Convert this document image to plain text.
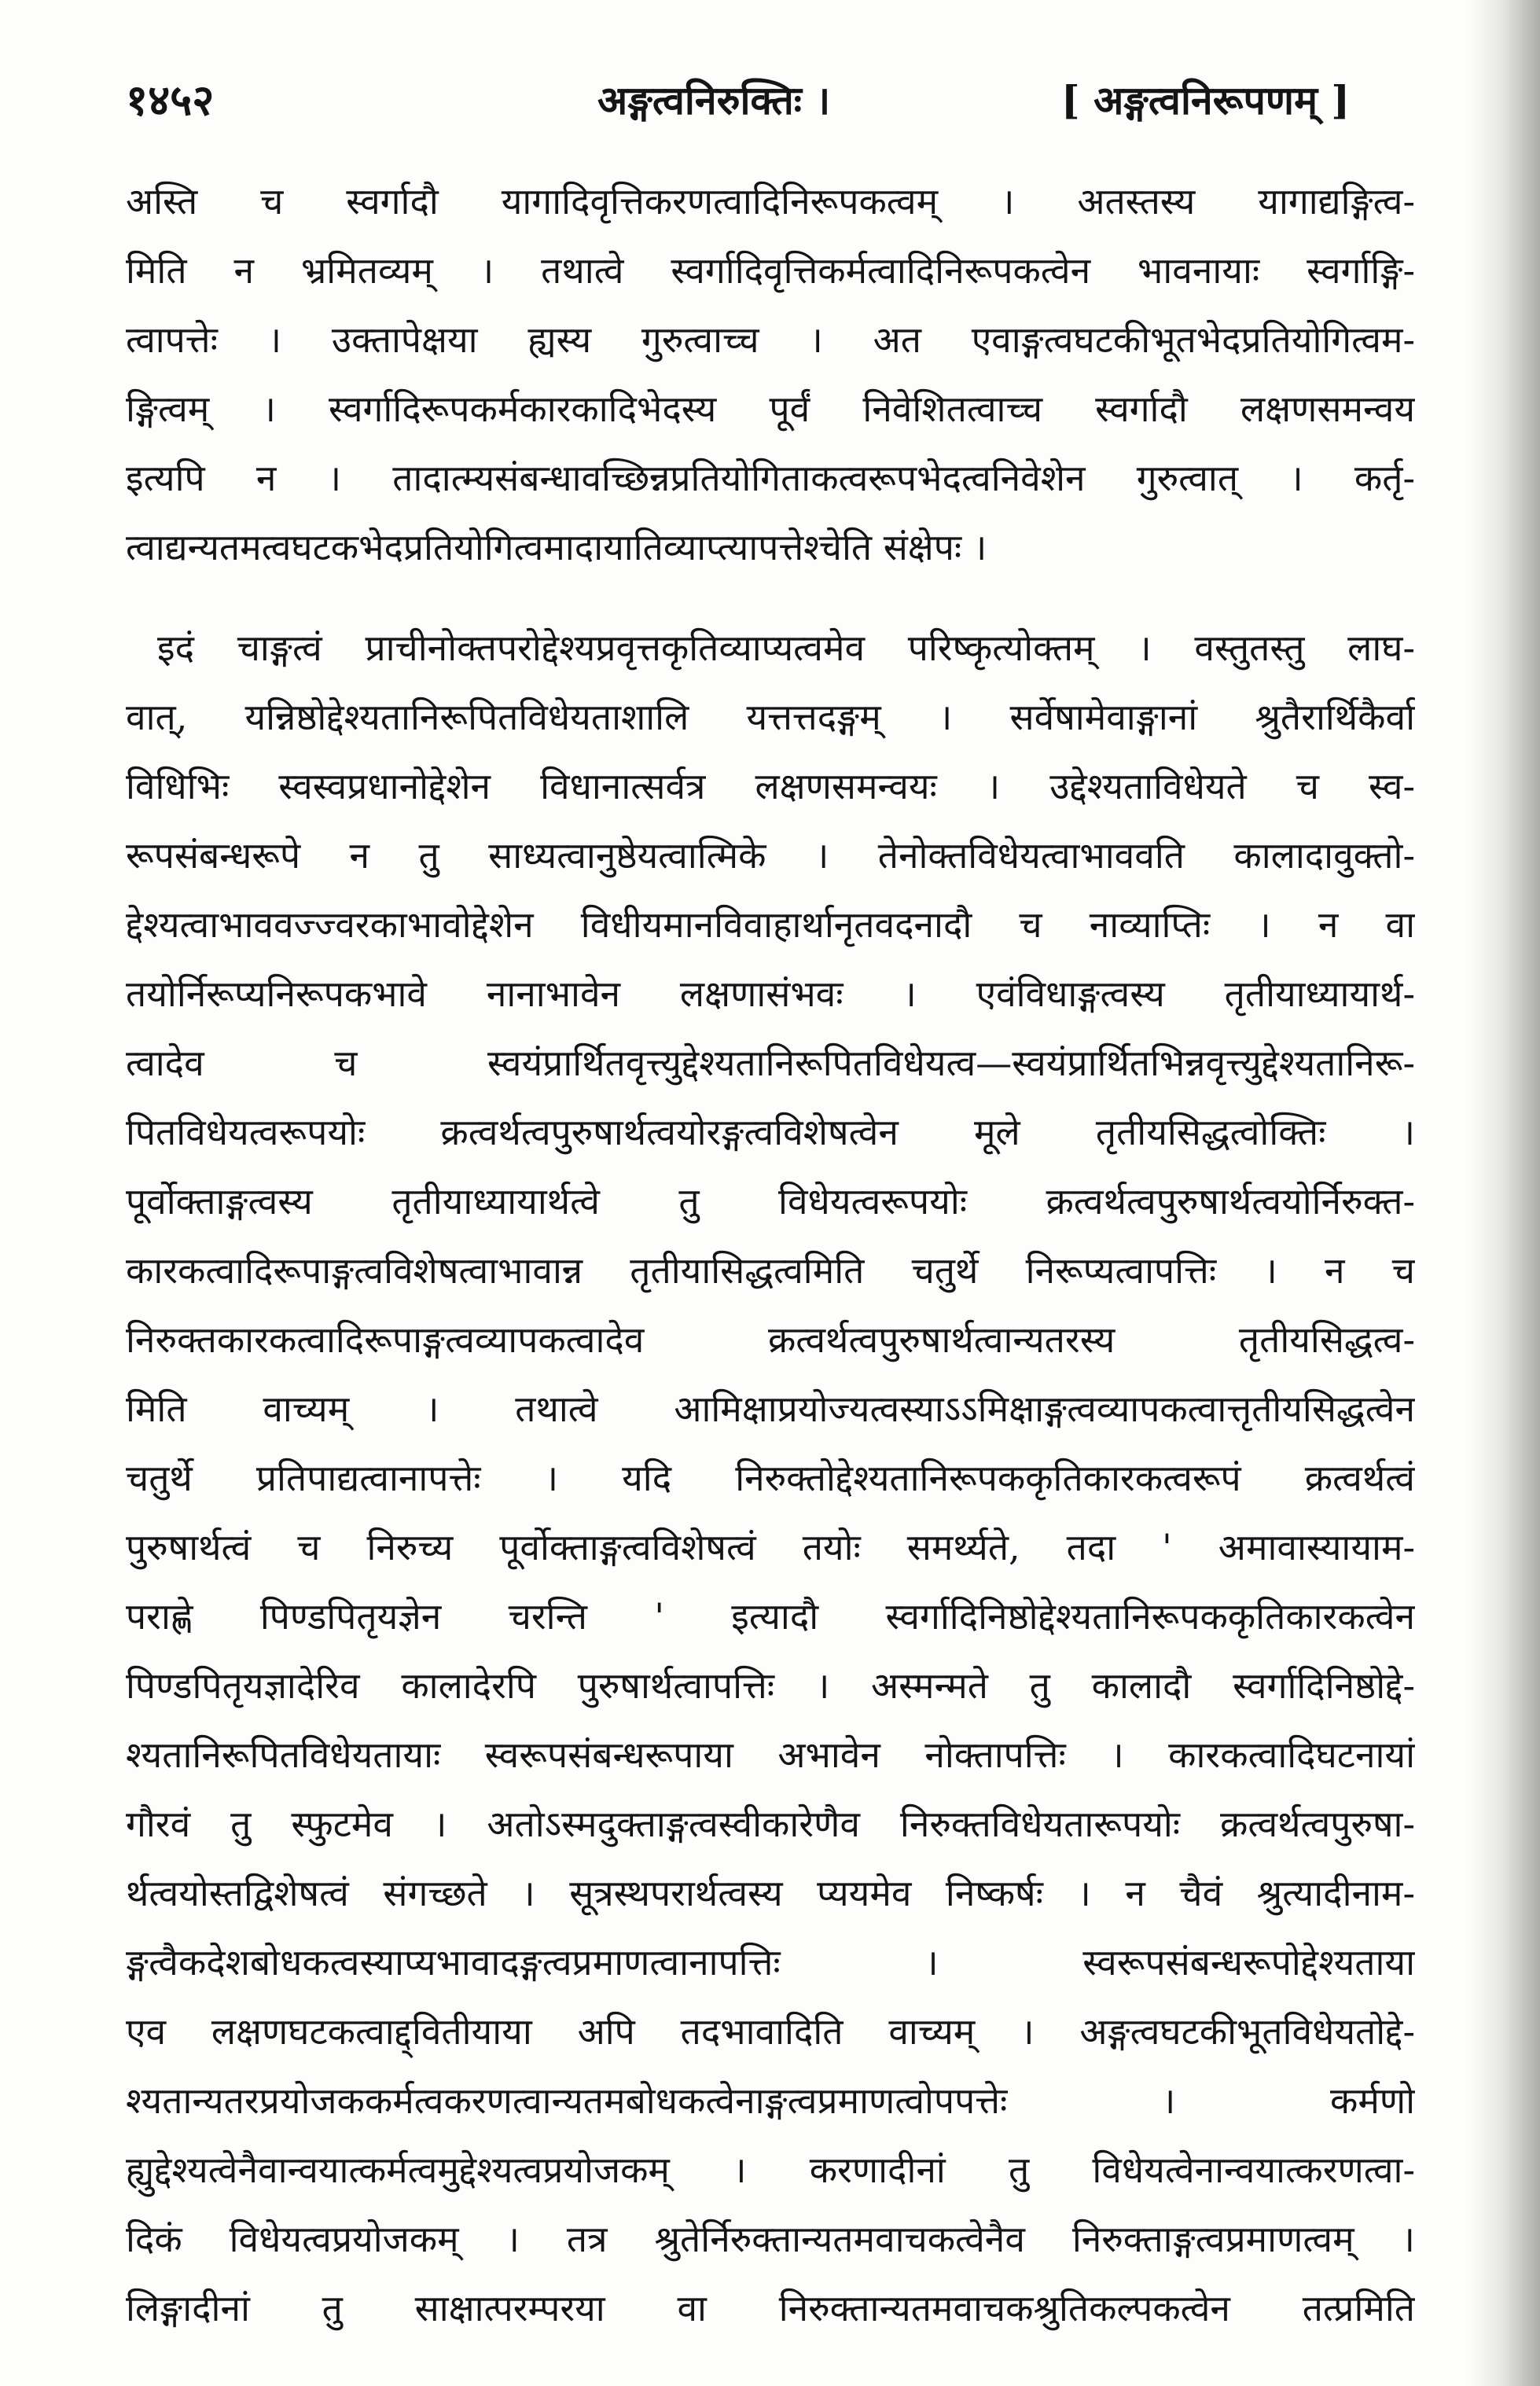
१४५२	अङ्गत्वनिरुक्तिः ।	[ अङ्गत्वनिरूपणम् ]
अस्ति च स्वर्गादौ यागादिवृत्तिकरणत्वादिनिरूपकत्वम् । अतस्तस्य यागाद्यङ्गित्व-
मिति न भ्रमितव्यम् । तथात्वे स्वर्गादिवृत्तिकर्मत्वादिनिरूपकत्वेन भावनायाः स्वर्गाङ्गि-
त्वापत्तेः । उक्तापेक्षया ह्यस्य गुरुत्वाच्च । अत एवाङ्गत्वघटकीभूतभेदप्रतियोगित्वम-
ङ्गित्वम् । स्वर्गादिरूपकर्मकारकादिभेदस्य पूर्वं निवेशितत्वाच्च स्वर्गादौ लक्षणसमन्वय
इत्यपि न । तादात्म्यसंबन्धावच्छिन्नप्रतियोगिताकत्वरूपभेदत्वनिवेशेन गुरुत्वात् । कर्तृ-
त्वाद्यन्यतमत्वघटकभेदप्रतियोगित्वमादायातिव्याप्त्यापत्तेश्चेति संक्षेपः ।
इदं चाङ्गत्वं प्राचीनोक्तपरोद्देश्यप्रवृत्तकृतिव्याप्यत्वमेव परिष्कृत्योक्तम् । वस्तुतस्तु लाघ-
वात्, यन्निष्ठोद्देश्यतानिरूपितविधेयताशालि यत्तत्तदङ्गम् । सर्वेषामेवाङ्गानां श्रुतैरार्थिकैर्वा
विधिभिः स्वस्वप्रधानोद्देशेन विधानात्सर्वत्र लक्षणसमन्वयः । उद्देश्यताविधेयते च स्व-
रूपसंबन्धरूपे न तु साध्यत्वानुष्ठेयत्वात्मिके । तेनोक्तविधेयत्वाभाववति कालादावुक्तो-
द्देश्यत्वाभाववज्ज्वरकाभावोद्देशेन विधीयमानविवाहार्थानृतवदनादौ च नाव्याप्तिः । न वा
तयोर्निरूप्यनिरूपकभावे नानाभावेन लक्षणासंभवः । एवंविधाङ्गत्वस्य तृतीयाध्यायार्थ-
त्वादेव च स्वयंप्रार्थितवृत्त्युद्देश्यतानिरूपितविधेयत्व—स्वयंप्रार्थितभिन्नवृत्त्युद्देश्यतानिरू-
पितविधेयत्वरूपयोः क्रत्वर्थत्वपुरुषार्थत्वयोरङ्गत्वविशेषत्वेन मूले तृतीयसिद्धत्वोक्तिः ।
पूर्वोक्ताङ्गत्वस्य तृतीयाध्यायार्थत्वे तु विधेयत्वरूपयोः क्रत्वर्थत्वपुरुषार्थत्वयोर्निरुक्त-
कारकत्वादिरूपाङ्गत्वविशेषत्वाभावान्न तृतीयासिद्धत्वमिति चतुर्थे निरूप्यत्वापत्तिः । न च
निरुक्तकारकत्वादिरूपाङ्गत्वव्यापकत्वादेव क्रत्वर्थत्वपुरुषार्थत्वान्यतरस्य तृतीयसिद्धत्व-
मिति वाच्यम् । तथात्वे आमिक्षाप्रयोज्यत्वस्याऽऽमिक्षाङ्गत्वव्यापकत्वात्तृतीयसिद्धत्वेन
चतुर्थे प्रतिपाद्यत्वानापत्तेः । यदि निरुक्तोद्देश्यतानिरूपककृतिकारकत्वरूपं क्रत्वर्थत्वं
पुरुषार्थत्वं च निरुच्य पूर्वोक्ताङ्गत्वविशेषत्वं तयोः समर्थ्यते, तदा ' अमावास्यायाम-
पराह्णे पिण्डपितृयज्ञेन चरन्ति ' इत्यादौ स्वर्गादिनिष्ठोद्देश्यतानिरूपककृतिकारकत्वेन
पिण्डपितृयज्ञादेरिव कालादेरपि पुरुषार्थत्वापत्तिः । अस्मन्मते तु कालादौ स्वर्गादिनिष्ठोद्दे-
श्यतानिरूपितविधेयतायाः स्वरूपसंबन्धरूपाया अभावेन नोक्तापत्तिः । कारकत्वादिघटनायां
गौरवं तु स्फुटमेव । अतोऽस्मदुक्ताङ्गत्वस्वीकारेणैव निरुक्तविधेयतारूपयोः क्रत्वर्थत्वपुरुषा-
र्थत्वयोस्तद्विशेषत्वं संगच्छते । सूत्रस्थपरार्थत्वस्य प्ययमेव निष्कर्षः । न चैवं श्रुत्यादीनाम-
ङ्गत्वैकदेशबोधकत्वस्याप्यभावादङ्गत्वप्रमाणत्वानापत्तिः । स्वरूपसंबन्धरूपोद्देश्यताया
एव लक्षणघटकत्वाद्द्वितीयाया अपि तदभावादिति वाच्यम् । अङ्गत्वघटकीभूतविधेयतोद्दे-
श्यतान्यतरप्रयोजककर्मत्वकरणत्वान्यतमबोधकत्वेनाङ्गत्वप्रमाणत्वोपपत्तेः । कर्मणो
ह्युद्देश्यत्वेनैवान्वयात्कर्मत्वमुद्देश्यत्वप्रयोजकम् । करणादीनां तु विधेयत्वेनान्वयात्करणत्वा-
दिकं विधेयत्वप्रयोजकम् । तत्र श्रुतेर्निरुक्तान्यतमवाचकत्वेनैव निरुक्ताङ्गत्वप्रमाणत्वम् ।
लिङ्गादीनां तु साक्षात्परम्परया वा निरुक्तान्यतमवाचकश्रुतिकल्पकत्वेन तत्प्रमिति
